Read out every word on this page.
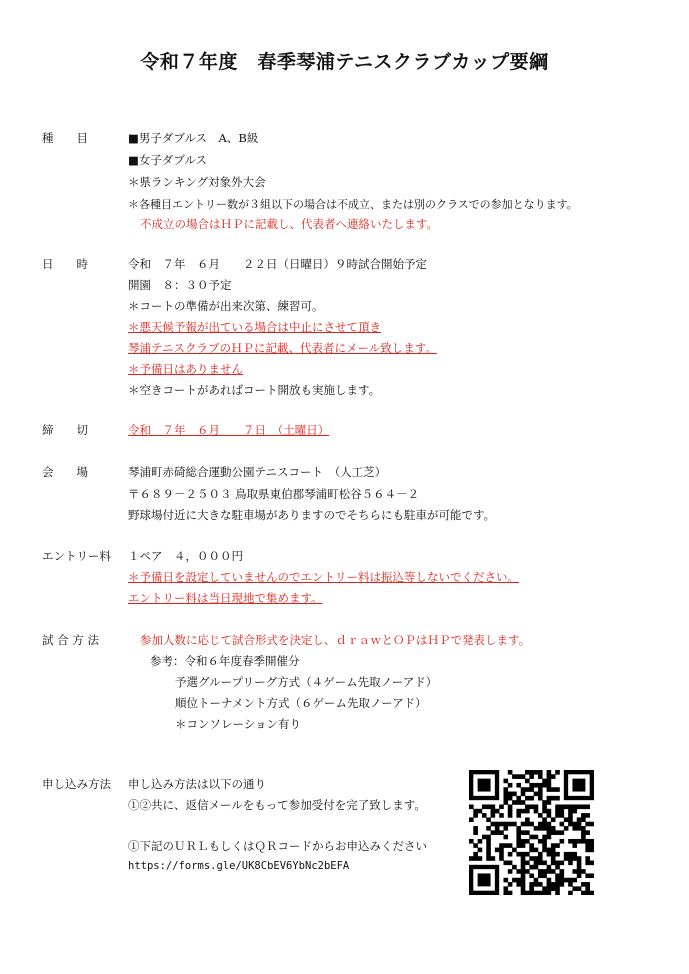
令和７年度　春季琴浦テニスクラブカップ要綱
種　　目	■男子ダブルス　A、B級
■女子ダブルス
＊県ランキング対象外大会
＊各種目エントリー数が３組以下の場合は不成立、または別のクラスでの参加となります。
不成立の場合はＨＰに記載し、代表者へ連絡いたします。
日　　時	令和　７年　６月　　２２日（日曜日）９時試合開始予定
開園　８：３０予定
＊コートの準備が出来次第、練習可。
＊悪天候予報が出ている場合は中止にさせて頂き
琴浦テニスクラブのＨＰに記載、代表者にメール致します。
＊予備日はありません
＊空きコートがあればコート開放も実施します。
締　　切	令和　７年　６月　　７日　（土曜日）
会　　場	琴浦町赤碕総合運動公園テニスコート　（人工芝）
〒６８９－２５０３ 鳥取県東伯郡琴浦町松谷５６４－２
野球場付近に大きな駐車場がありますのでそちらにも駐車が可能です。
エントリー料 １ペア　４，０００円
＊予備日を設定していませんのでエントリー料は振込等しないでください。
エントリー料は当日現地で集めます。
試 合 方 法	参加人数に応じて試合形式を決定し、ｄｒａｗとＯＰはＨＰで発表します。
参考：令和６年度春季開催分
予選グループリーグ方式（４ゲーム先取ノーアド）
順位トーナメント方式（６ゲーム先取ノーアド）
＊コンソレーション有り
申し込み方法 申し込み方法は以下の通り
①②共に、返信メールをもって参加受付を完了致します。
①下記のＵＲＬもしくはＱＲコードからお申込みください
https://forms.gle/UK8CbEV6YbNc2bEFA
